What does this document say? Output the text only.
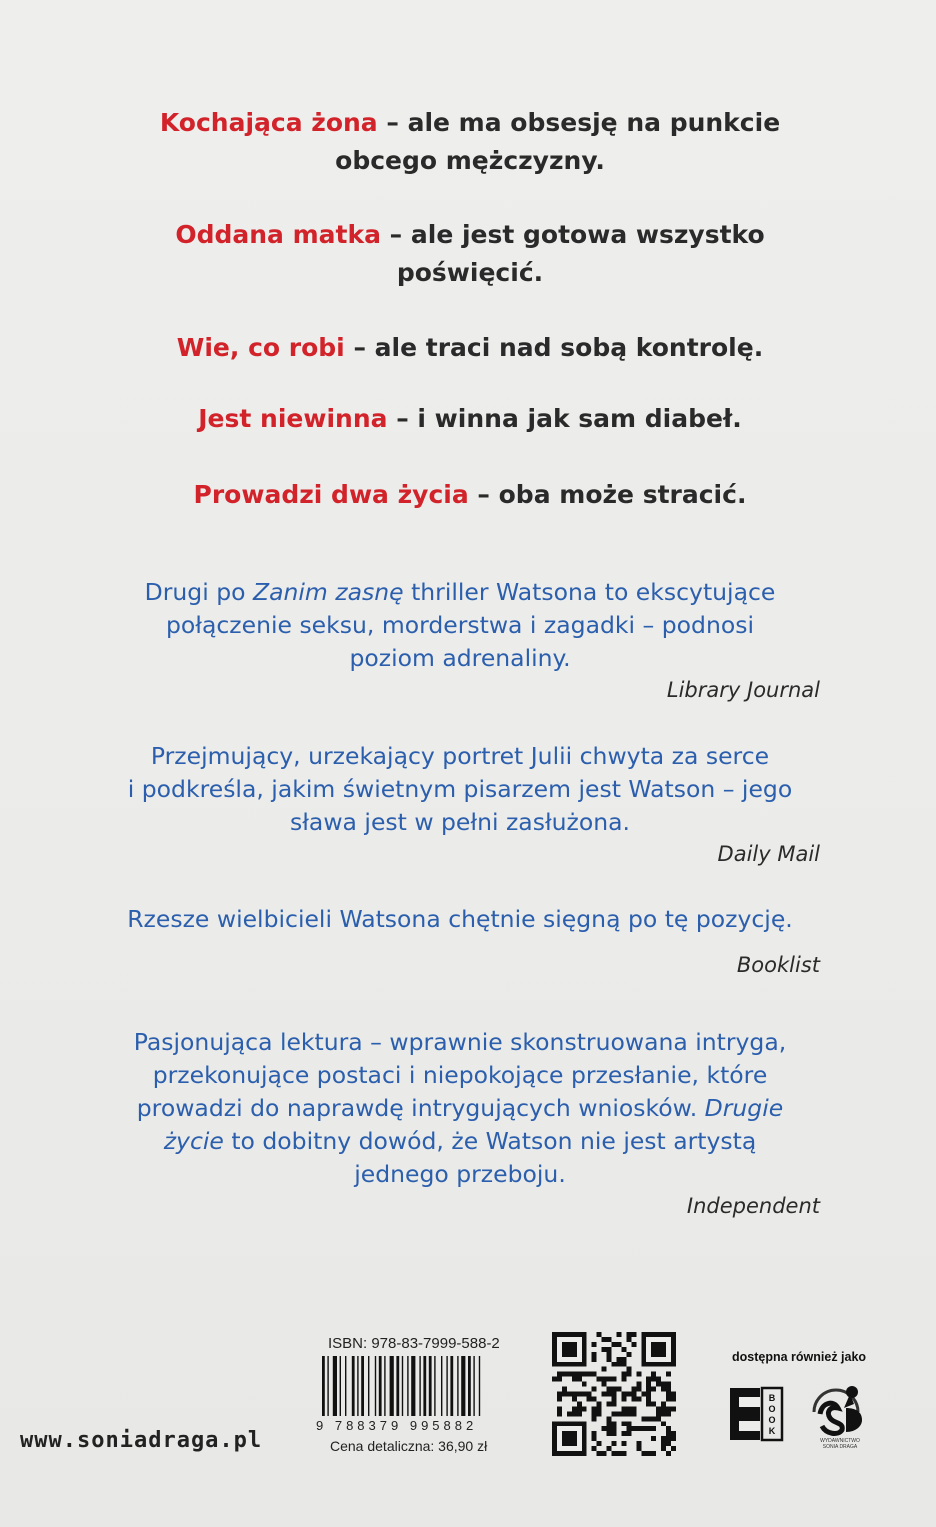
Kochająca żona – ale ma obsesję na punkcie
obcego mężczyzny.
Oddana matka – ale jest gotowa wszystko
poświęcić.
Wie, co robi – ale traci nad sobą kontrolę.
Jest niewinna – i winna jak sam diabeł.
Prowadzi dwa życia – oba może stracić.
Drugi po Zanim zasnę thriller Watsona to ekscytujące
połączenie seksu, morderstwa i zagadki – podnosi
poziom adrenaliny.
Library Journal
Przejmujący, urzekający portret Julii chwyta za serce
i podkreśla, jakim świetnym pisarzem jest Watson – jego
sława jest w pełni zasłużona.
Daily Mail
Rzesze wielbicieli Watsona chętnie sięgną po tę pozycję.
Booklist
Pasjonująca lektura – wprawnie skonstruowana intryga,
przekonujące postaci i niepokojące przesłanie, które
prowadzi do naprawdę intrygujących wniosków. Drugie
życie to dobitny dowód, że Watson nie jest artystą
jednego przeboju.
Independent
www.soniadraga.pl
ISBN: 978-83-7999-588-2
9 788379 995882
Cena detaliczna: 36,90 zł
dostępna również jako
B
O
O
K
WYDAWNICTWO
SONIA DRAGA
